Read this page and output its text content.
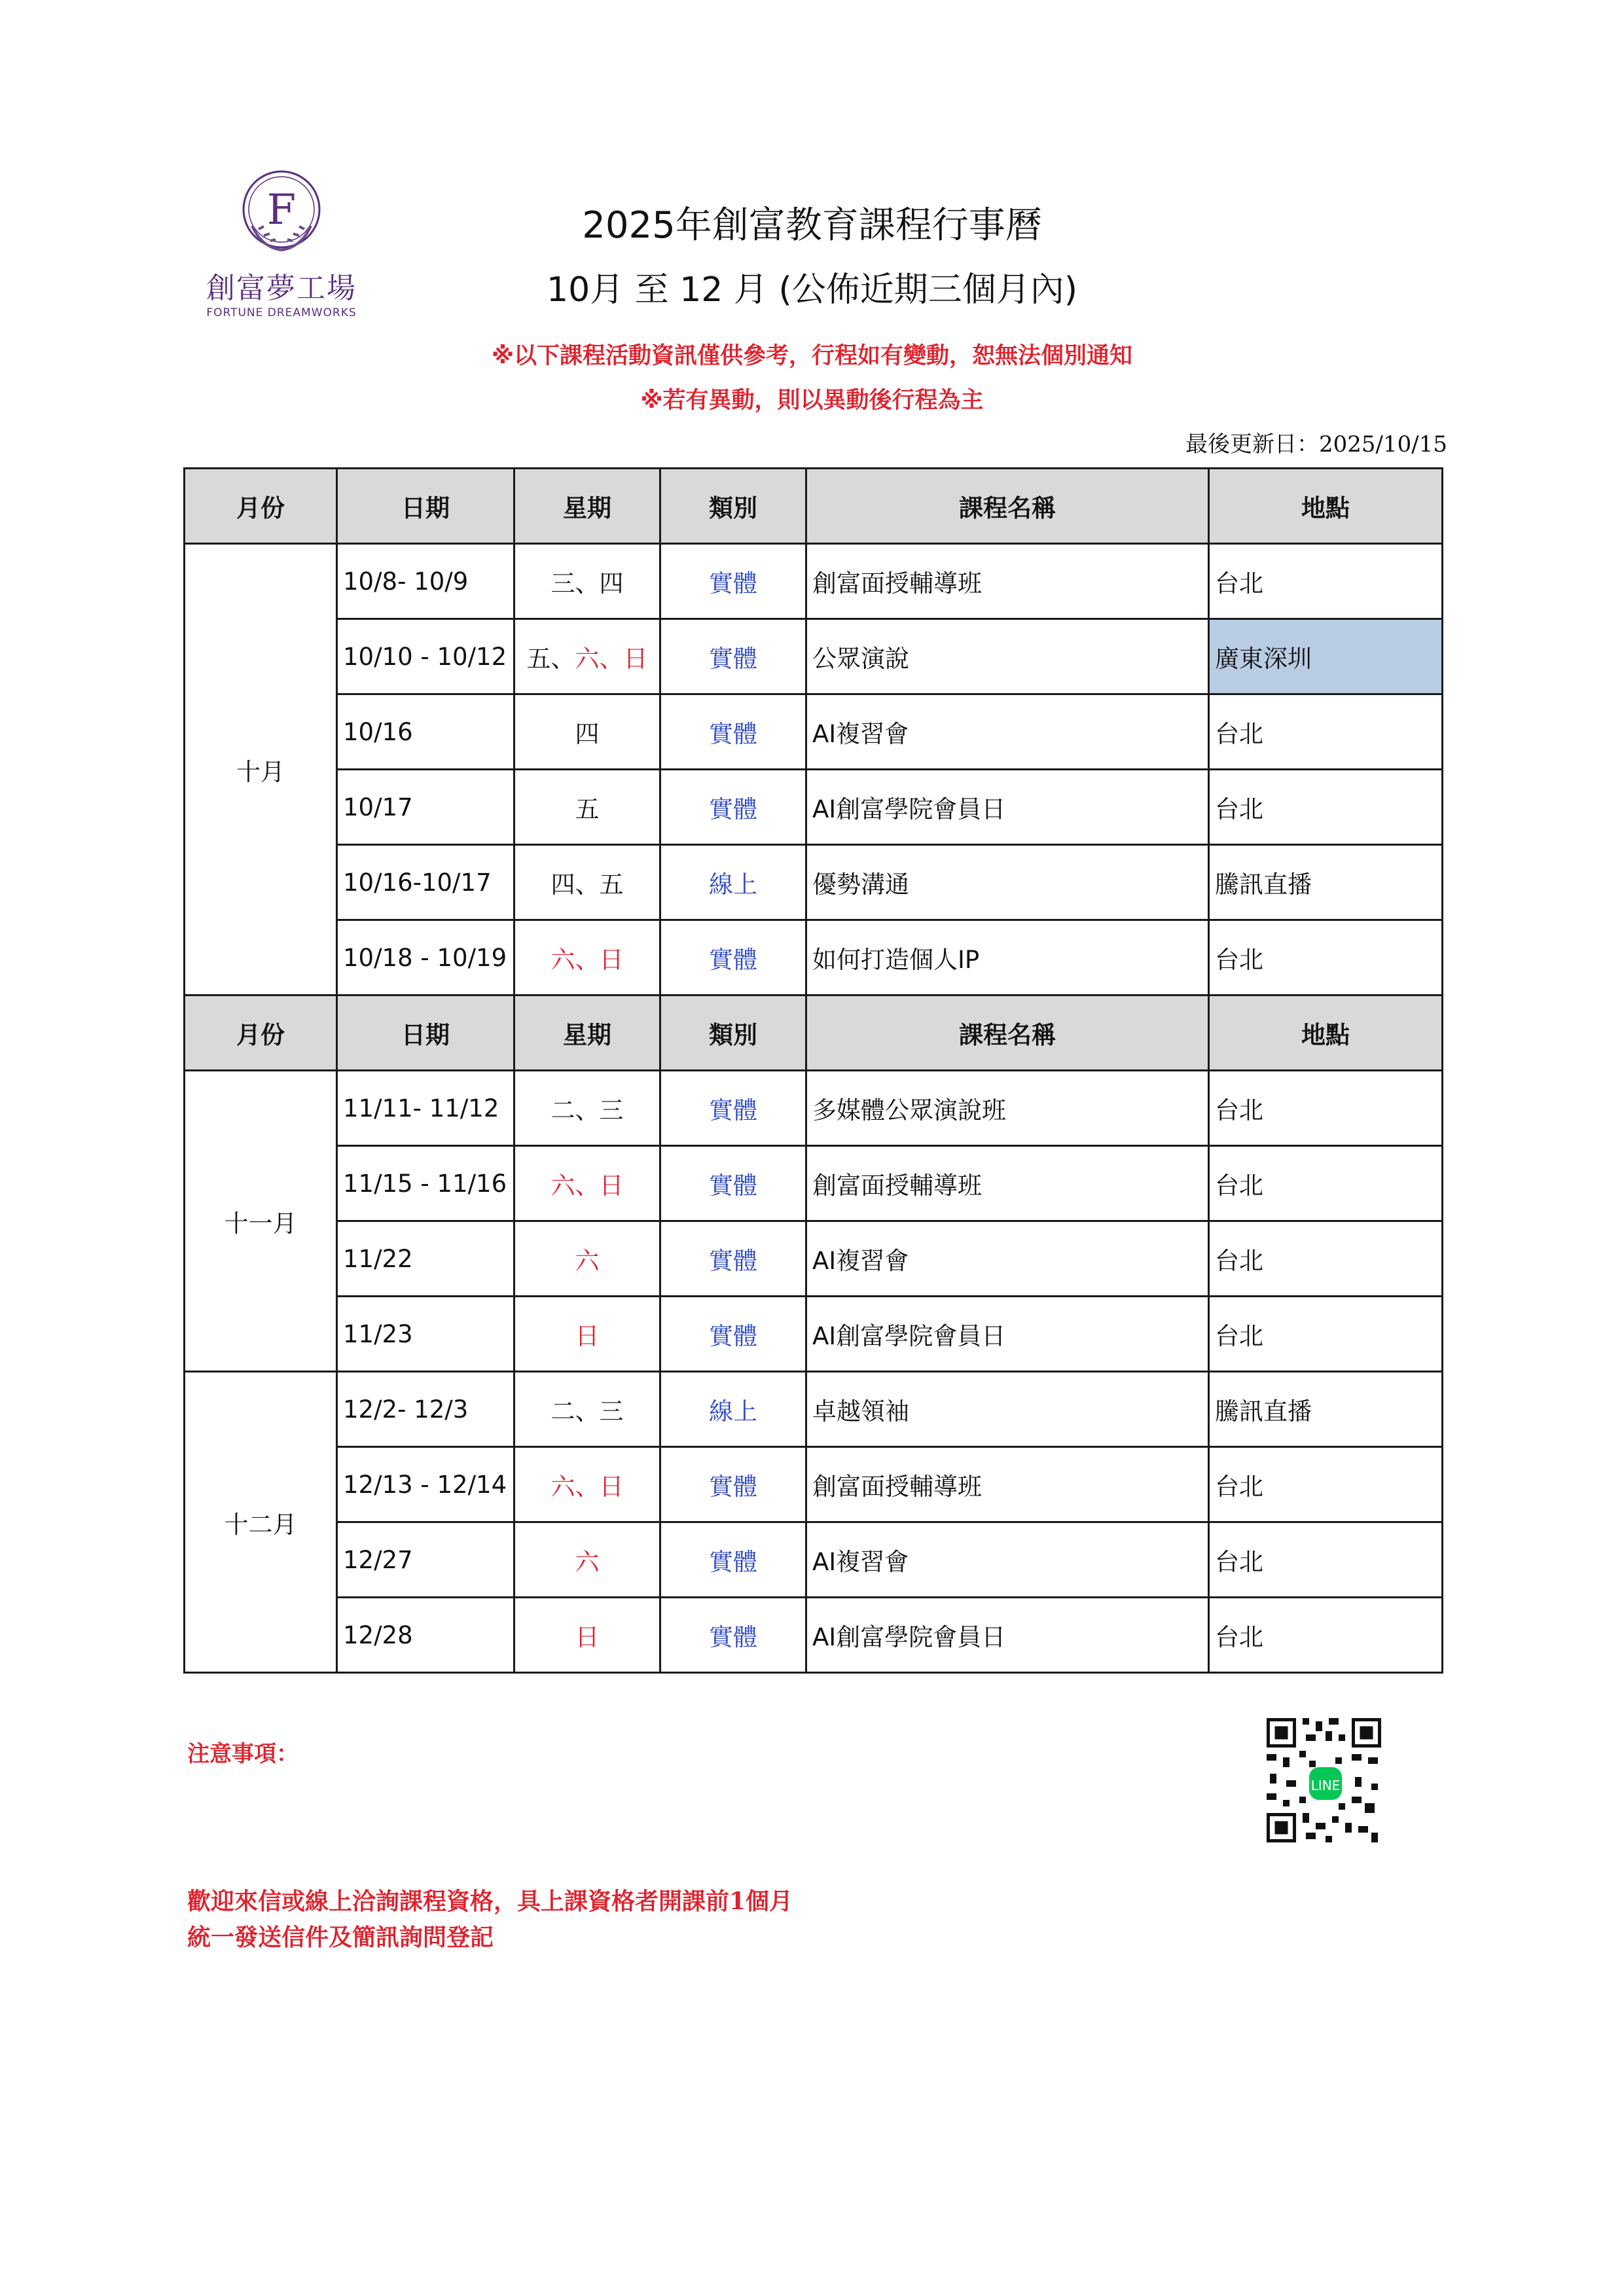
F
創富夢工場
FORTUNE DREAMWORKS
2025年創富教育課程行事曆
10月 至 12 月 (公佈近期三個月內)
※以下課程活動資訊僅供參考，行程如有變動，恕無法個別通知
※若有異動，則以異動後行程為主
最後更新日：2025/10/15
月份	日期	星期	類別	課程名稱	地點
十月	10/8- 10/9	三、四	實體	創富面授輔導班	台北
	10/10 - 10/12	五、六、日	實體	公眾演說	廣東深圳
	10/16	四	實體	AI複習會	台北
	10/17	五	實體	AI創富學院會員日	台北
	10/16-10/17	四、五	線上	優勢溝通	騰訊直播
	10/18 - 10/19	六、日	實體	如何打造個人IP	台北
月份	日期	星期	類別	課程名稱	地點
十一月	11/11- 11/12	二、三	實體	多媒體公眾演說班	台北
	11/15 - 11/16	六、日	實體	創富面授輔導班	台北
	11/22	六	實體	AI複習會	台北
	11/23	日	實體	AI創富學院會員日	台北
十二月	12/2- 12/3	二、三	線上	卓越領袖	騰訊直播
	12/13 - 12/14	六、日	實體	創富面授輔導班	台北
	12/27	六	實體	AI複習會	台北
	12/28	日	實體	AI創富學院會員日	台北
注意事項：
LINE
歡迎來信或線上洽詢課程資格，具上課資格者開課前1個月
統一發送信件及簡訊詢問登記
